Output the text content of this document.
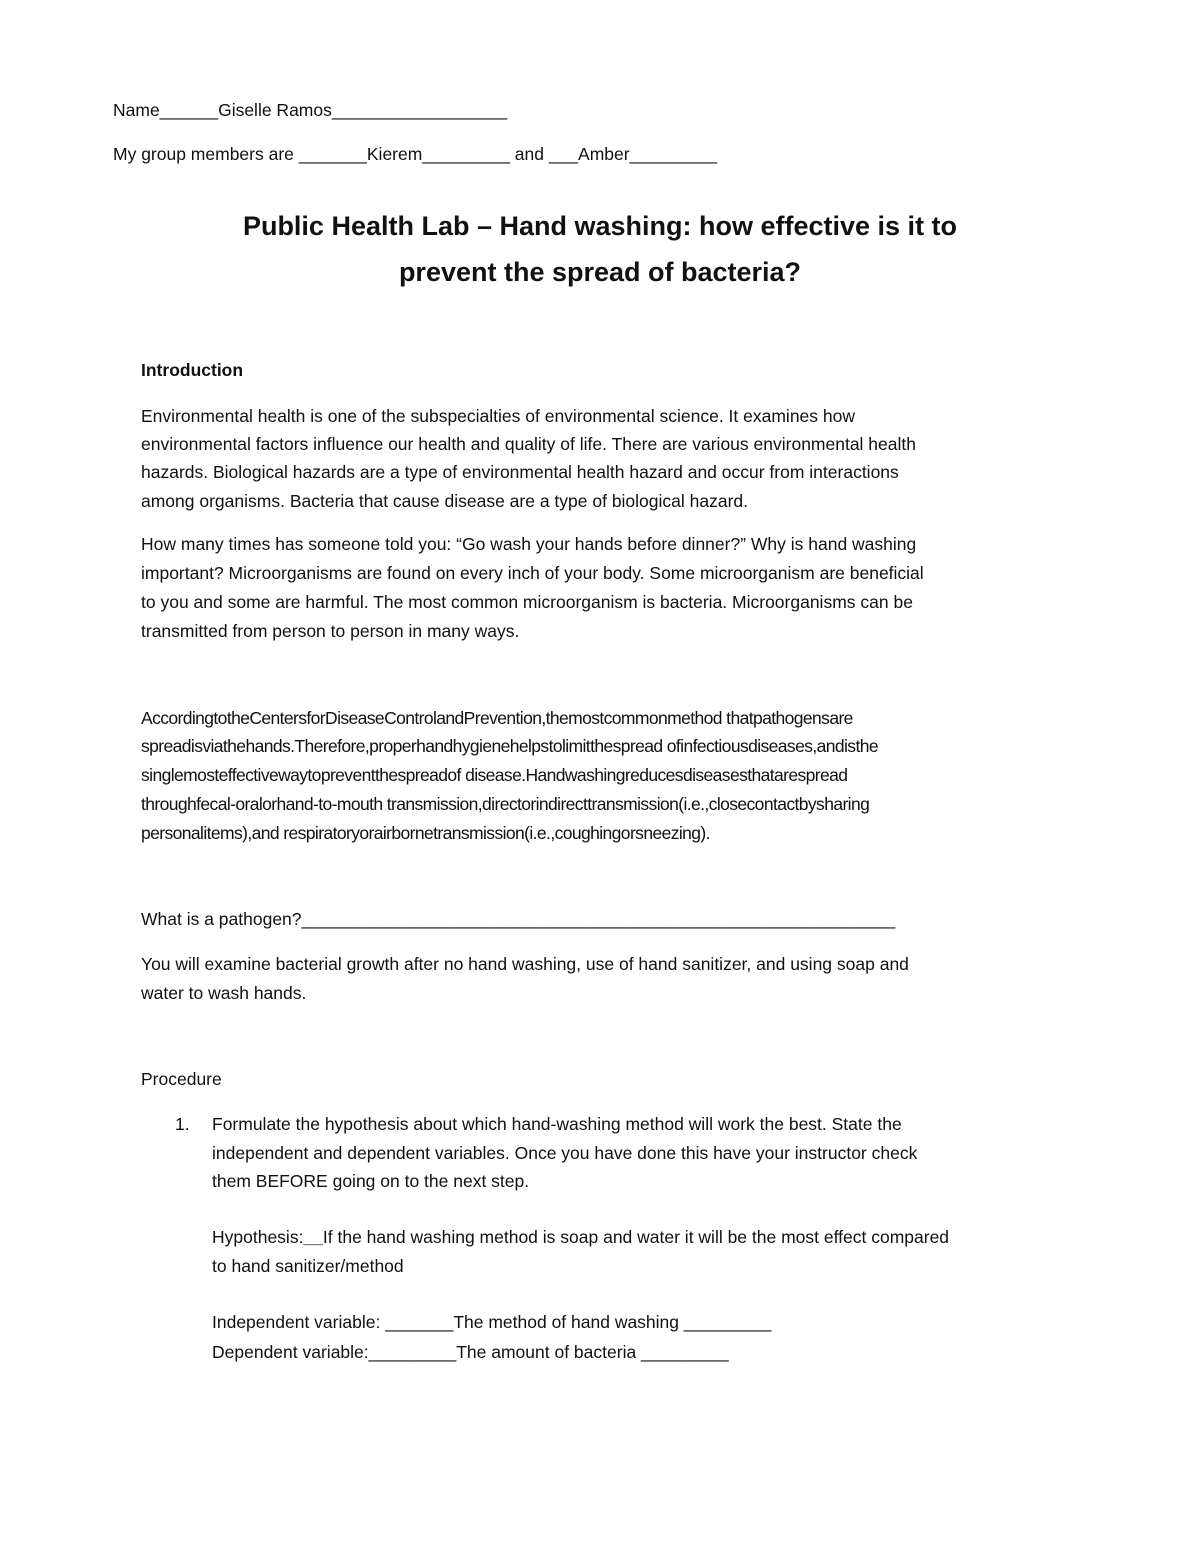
Name______Giselle Ramos__________________
My group members are _______Kierem_________ and ___Amber_________
Public Health Lab – Hand washing: how effective is it to
prevent the spread of bacteria?
Introduction
Environmental health is one of the subspecialties of environmental science. It examines how
environmental factors influence our health and quality of life. There are various environmental health
hazards. Biological hazards are a type of environmental health hazard and occur from interactions
among organisms. Bacteria that cause disease are a type of biological hazard.
How many times has someone told you: “Go wash your hands before dinner?” Why is hand washing
important? Microorganisms are found on every inch of your body. Some microorganism are beneficial
to you and some are harmful. The most common microorganism is bacteria. Microorganisms can be
transmitted from person to person in many ways.
AccordingtotheCentersforDiseaseControlandPrevention,themostcommonmethod thatpathogensare
spreadisviathehands.Therefore,properhandhygienehelpstolimitthespread ofinfectiousdiseases,andisthe
singlemosteffectivewaytopreventthespreadof disease.Handwashingreducesdiseasesthatarespread
throughfecal-oralorhand-to-mouth transmission,directorindirecttransmission(i.e.,closecontactbysharing
personalitems),and respiratoryorairbornetransmission(i.e.,coughingorsneezing).
What is a pathogen?_____________________________________________________________
You will examine bacterial growth after no hand washing, use of hand sanitizer, and using soap and
water to wash hands.
Procedure
1. Formulate the hypothesis about which hand-washing method will work the best. State the
independent and dependent variables. Once you have done this have your instructor check
them BEFORE going on to the next step.
Hypothesis:__If the hand washing method is soap and water it will be the most effect compared
to hand sanitizer/method
Independent variable: _______The method of hand washing _________
Dependent variable:_________The amount of bacteria _________
